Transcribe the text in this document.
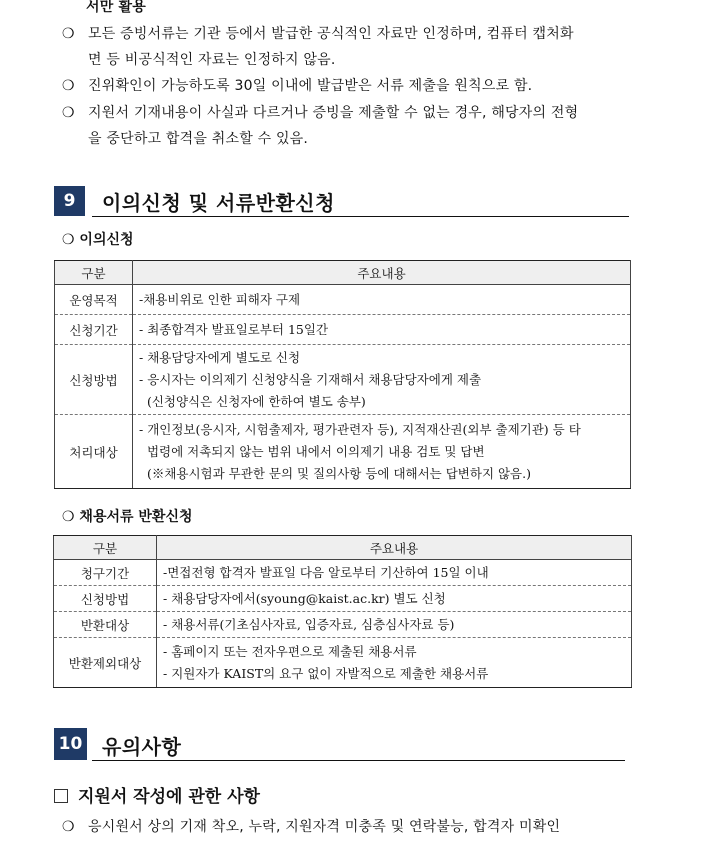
서만 활용
❍ 모든 증빙서류는 기관 등에서 발급한 공식적인 자료만 인정하며, 컴퓨터 캡처화
면 등 비공식적인 자료는 인정하지 않음.
❍ 진위확인이 가능하도록 30일 이내에 발급받은 서류 제출을 원칙으로 함.
❍ 지원서 기재내용이 사실과 다르거나 증빙을 제출할 수 없는 경우, 해당자의 전형
을 중단하고 합격을 취소할 수 있음.
9	이의신청 및 서류반환신청
❍ 이의신청
구분	주요내용
운영목적	-채용비위로 인한 피해자 구제

신청기간	- 최종합격자 발표일로부터 15일간

신청방법	- 채용담당자에게 별도로 신청
- 응시자는 이의제기 신청양식을 기재해서 채용담당자에게 제출
(신청양식은 신청자에 한하여 별도 송부)

처리대상	- 개인정보(응시자, 시험출제자, 평가관련자 등), 지적재산권(외부 출제기관) 등 타
법령에 저촉되지 않는 범위 내에서 이의제기 내용 검토 및 답변
(※채용시험과 무관한 문의 및 질의사항 등에 대해서는 답변하지 않음.)
❍ 채용서류 반환신청
구분	주요내용
청구기간	-면접전형 합격자 발표일 다음 알로부터 기산하여 15일 이내

신청방법	- 채용담당자에서(syoung@kaist.ac.kr) 별도 신청

반환대상	- 채용서류(기초심사자료, 입증자료, 심층심사자료 등)

반환제외대상	- 홈페이지 또는 전자우편으로 제출된 채용서류
- 지원자가 KAIST의 요구 없이 자발적으로 제출한 채용서류
10 유의사항
지원서 작성에 관한 사항
❍ 응시원서 상의 기재 착오, 누락, 지원자격 미충족 및 연락불능, 합격자 미확인
